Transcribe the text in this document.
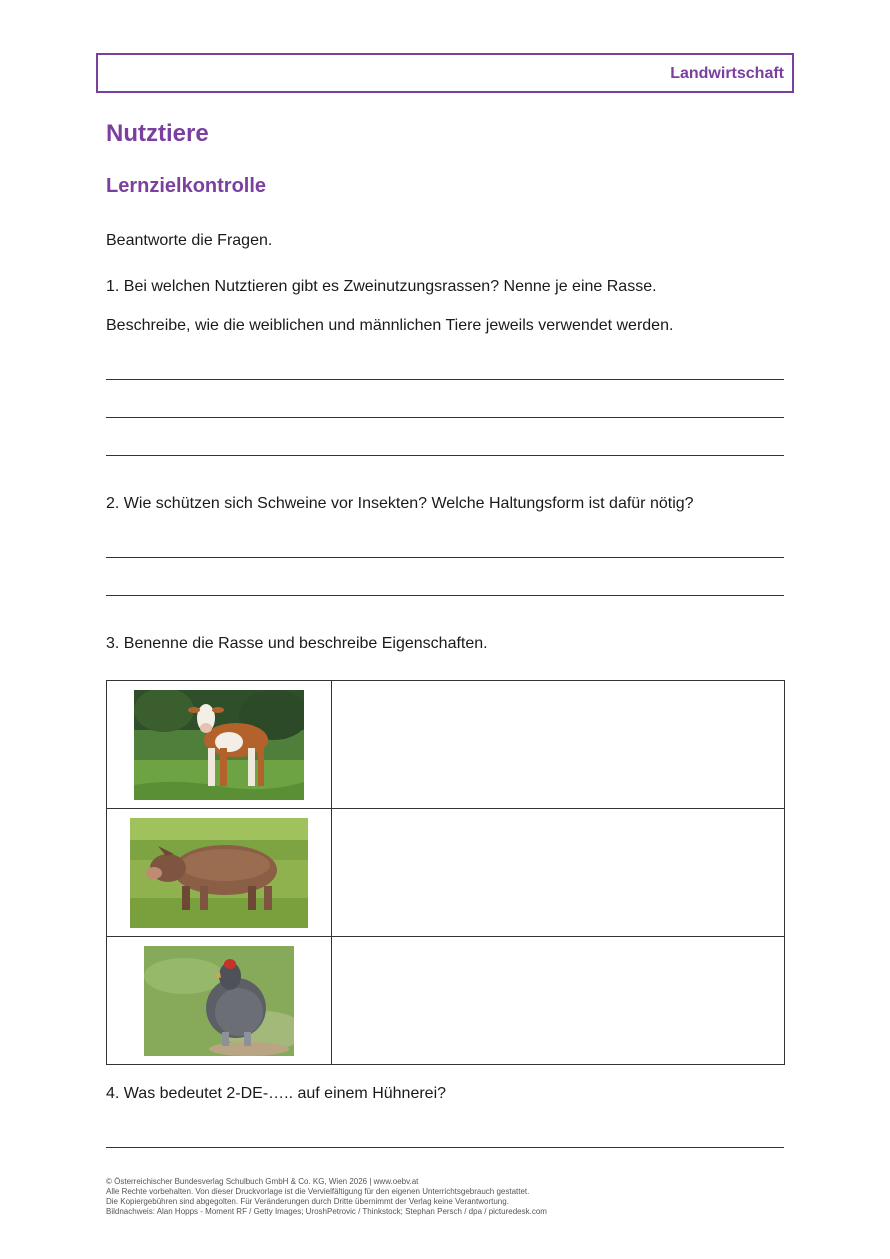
Landwirtschaft
Nutztiere
Lernzielkontrolle

Beantworte die Fragen.

1. Bei welchen Nutztieren gibt es Zweinutzungsrassen? Nenne je eine Rasse.

Beschreibe, wie die weiblichen und männlichen Tiere jeweils verwendet werden.

2. Wie schützen sich Schweine vor Insekten? Welche Haltungsform ist dafür nötig?

3. Benenne die Rasse und beschreibe Eigenschaften.

4. Was bedeutet 2-DE-….. auf einem Hühnerei?

© Österreichischer Bundesverlag Schulbuch GmbH & Co. KG, Wien 2026 | www.oebv.at
Alle Rechte vorbehalten. Von dieser Druckvorlage ist die Vervielfältigung für den eigenen Unterrichtsgebrauch gestattet.
Die Kopiergebühren sind abgegolten. Für Veränderungen durch Dritte übernimmt der Verlag keine Verantwortung.
Bildnachweis: Alan Hopps - Moment RF / Getty Images; UroshPetrovic / Thinkstock; Stephan Persch / dpa / picturedesk.com
